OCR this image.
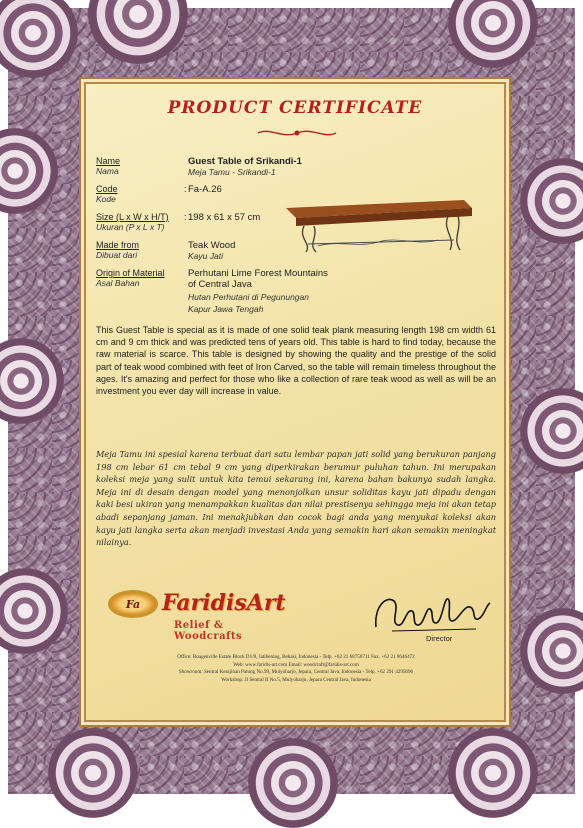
PRODUCT CERTIFICATE
Name
Nama
Guest Table of Srikandi-1
Meja Tamu - Srikandi-1
Code
Kode
: Fa-A.26
Size (L x W x H/T)
Ukuran (P x L x T)
: 198 x 61 x 57 cm
Made from
Dibuat dari
Teak Wood
Kayu Jati
Origin of Material
Asal Bahan
Perhutani Lime Forest Mountains
of Central Java
Hutan Perhutani di Pegunungan
Kapur Jawa Tengah
This Guest Table is special as it is made of one solid teak plank measuring length 198 cm width 61 cm and 9 cm thick and was predicted tens of years old. This table is hard to find today, because the raw material is scarce. This table is designed by showing the quality and the prestige of the solid part of teak wood combined with feet of Iron Carved, so the table will remain timeless throughout the ages. It's amazing and perfect for those who like a collection of rare teak wood as well as will be an investment you ever day will increase in value.
Meja Tamu ini spesial karena terbuat dari satu lembar papan jati solid yang berukuran panjang 198 cm lebar 61 cm tebal 9 cm yang diperkirakan berumur puluhan tahun. Ini merupakan koleksi meja yang sulit untuk kita temui sekarang ini, karena bahan bakunya sudah langka. Meja ini di desain dengan model yang menonjolkan unsur soliditas kayu jati dipadu dengan kaki besi ukiran yang menampakkan kualitas dan nilai prestisenya sehingga meja ini akan tetap abadi sepanjang jaman. Ini menakjubkan dan cocok bagi anda yang menyukai koleksi akan kayu jati langka serta akan menjadi investasi Anda yang semakin hari akan semakin meningkat nilainya.
Fa FaridisArt
Relief & Woodcrafts	Director
Office: Boagenville Estate Block D1/8, Jatibening, Bekasi, Indonesia - Telp. +62 21 68750711 Fax. +62 21 8646472
Web: www.faridis-art.com Email: woodcraft@faridis-art.com
Showroom: Sentral Kerajinan Patung No.99, Mulyoharjo, Jepara, Central Java, Indonesia - Telp. +62 291 4295696
Workshop: Jl Sentral II No.5, Mulyoharjo, Jepara Central Java, Indonesia
